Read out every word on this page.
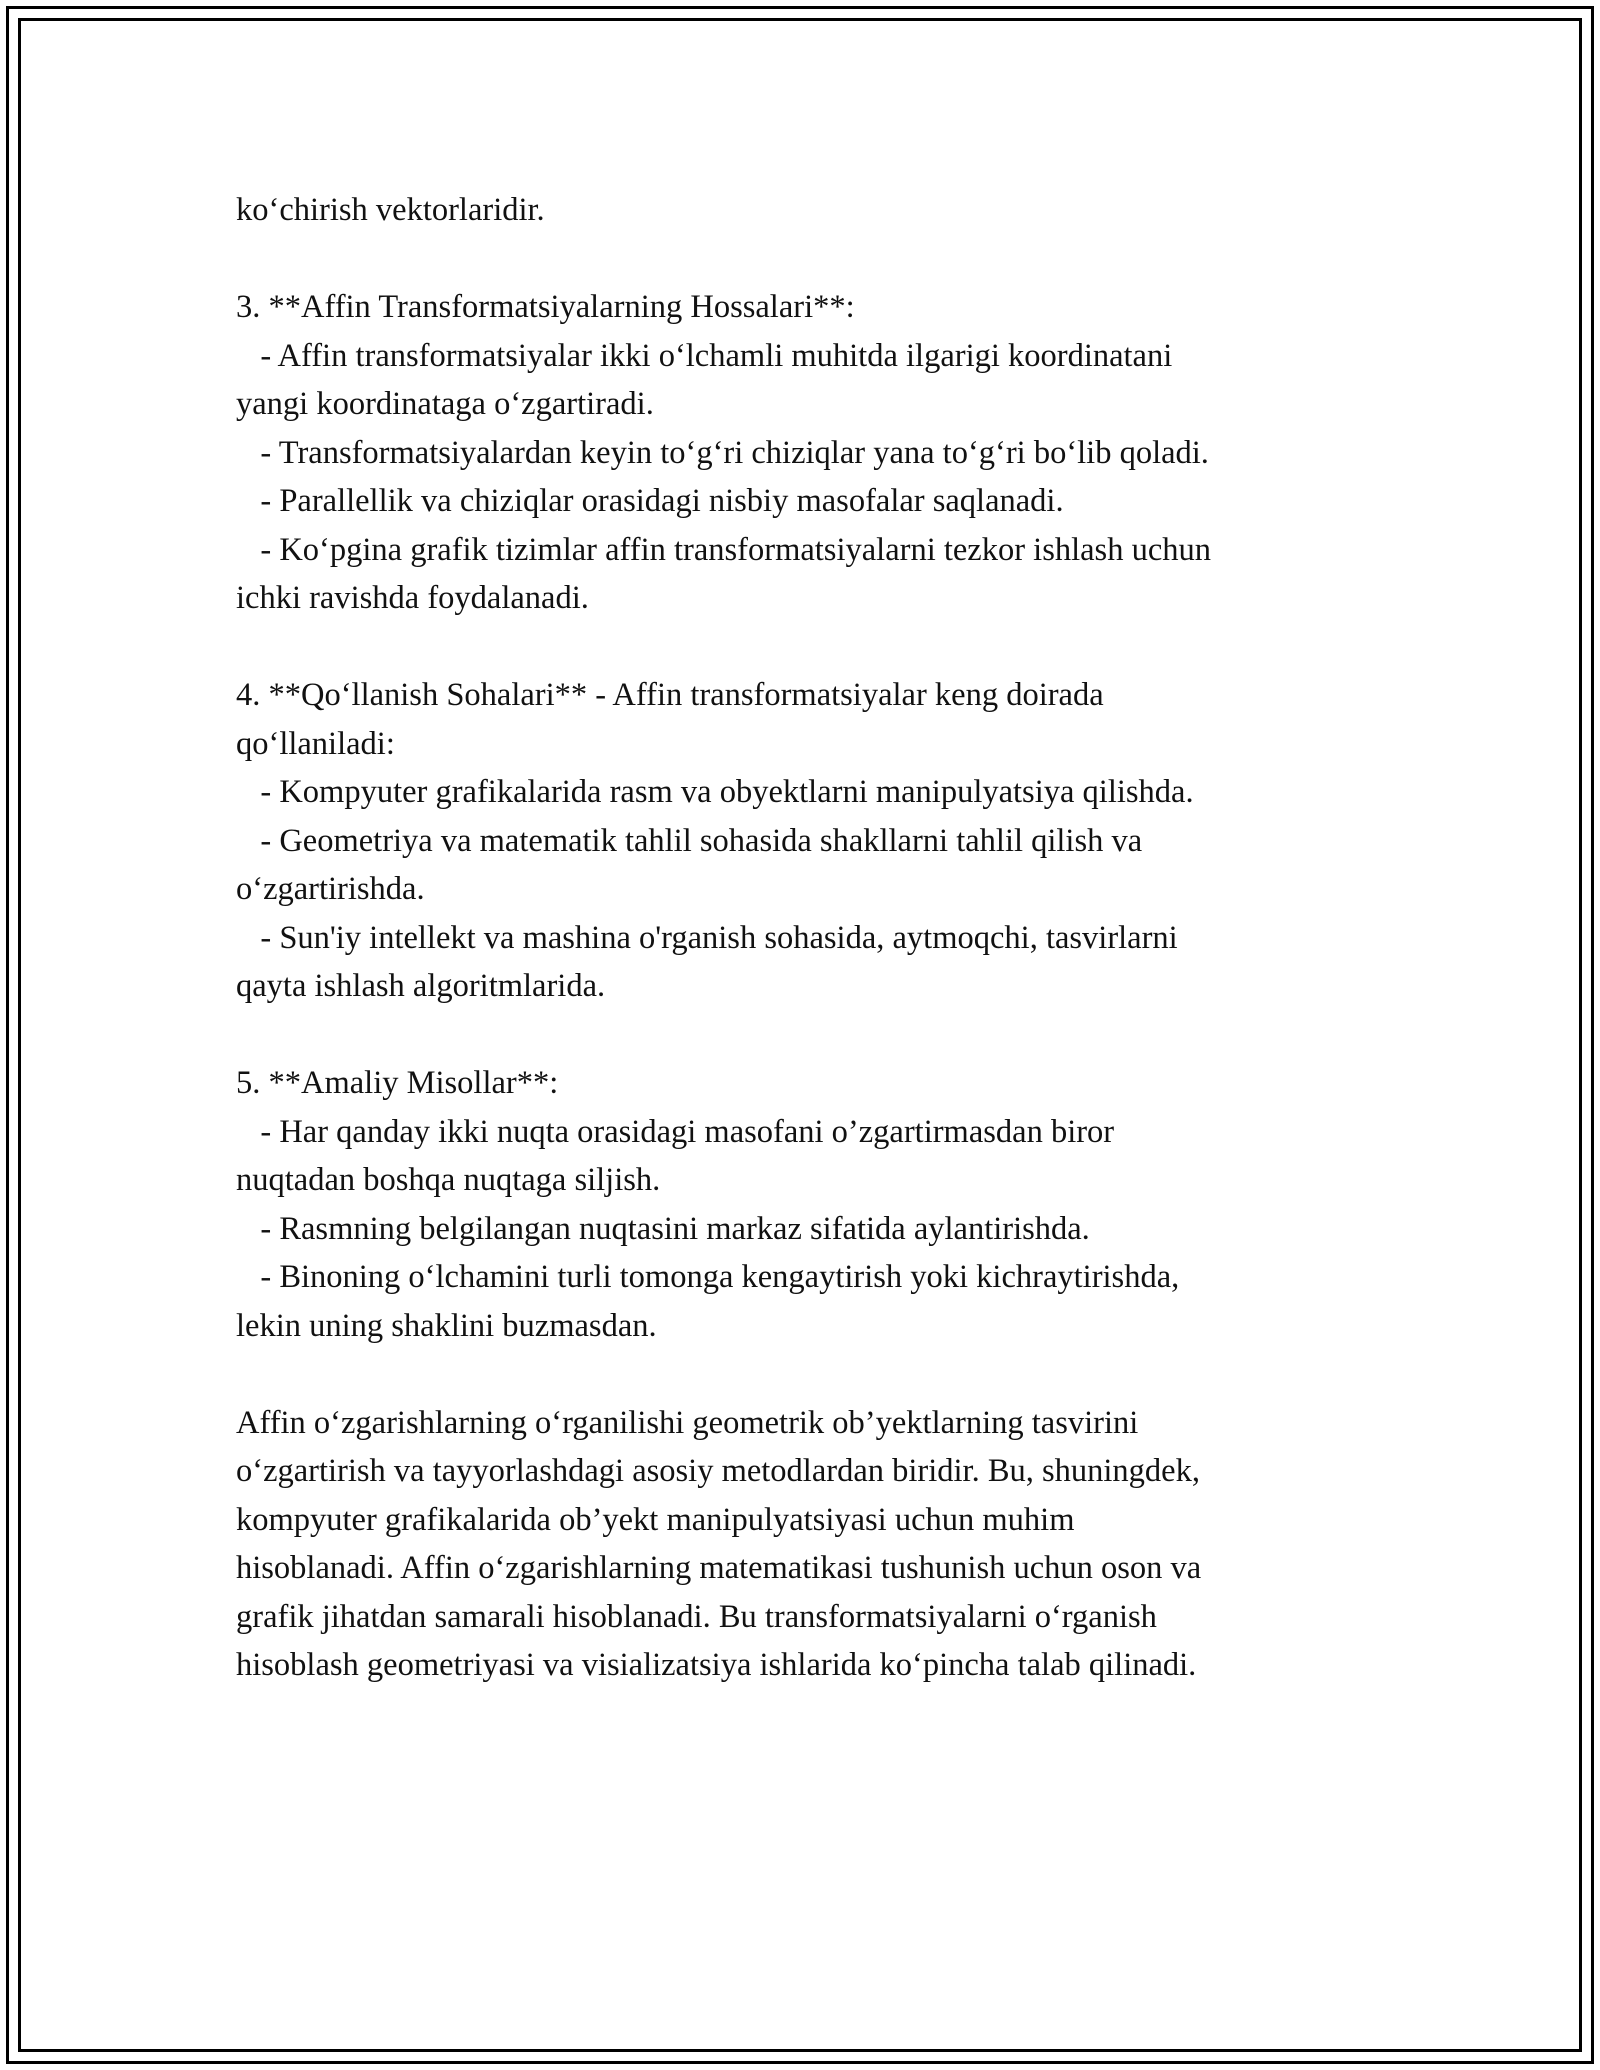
koʻchirish vektorlaridir.
3. **Affin Transformatsiyalarning Hossalari**:
- Affin transformatsiyalar ikki oʻlchamli muhitda ilgarigi koordinatani
yangi koordinataga oʻzgartiradi.
- Transformatsiyalardan keyin toʻgʻri chiziqlar yana toʻgʻri boʻlib qoladi.
- Parallellik va chiziqlar orasidagi nisbiy masofalar saqlanadi.
- Koʻpgina grafik tizimlar affin transformatsiyalarni tezkor ishlash uchun
ichki ravishda foydalanadi.
4. **Qoʻllanish Sohalari** - Affin transformatsiyalar keng doirada
qoʻllaniladi:
- Kompyuter grafikalarida rasm va obyektlarni manipulyatsiya qilishda.
- Geometriya va matematik tahlil sohasida shakllarni tahlil qilish va
oʻzgartirishda.
- Sun'iy intellekt va mashina o'rganish sohasida, aytmoqchi, tasvirlarni
qayta ishlash algoritmlarida.
5. **Amaliy Misollar**:
- Har qanday ikki nuqta orasidagi masofani o’zgartirmasdan biror
nuqtadan boshqa nuqtaga siljish.
- Rasmning belgilangan nuqtasini markaz sifatida aylantirishda.
- Binoning oʻlchamini turli tomonga kengaytirish yoki kichraytirishda,
lekin uning shaklini buzmasdan.
Affin oʻzgarishlarning oʻrganilishi geometrik ob’yektlarning tasvirini
oʻzgartirish va tayyorlashdagi asosiy metodlardan biridir. Bu, shuningdek,
kompyuter grafikalarida ob’yekt manipulyatsiyasi uchun muhim
hisoblanadi. Affin oʻzgarishlarning matematikasi tushunish uchun oson va
grafik jihatdan samarali hisoblanadi. Bu transformatsiyalarni oʻrganish
hisoblash geometriyasi va visializatsiya ishlarida koʻpincha talab qilinadi.
